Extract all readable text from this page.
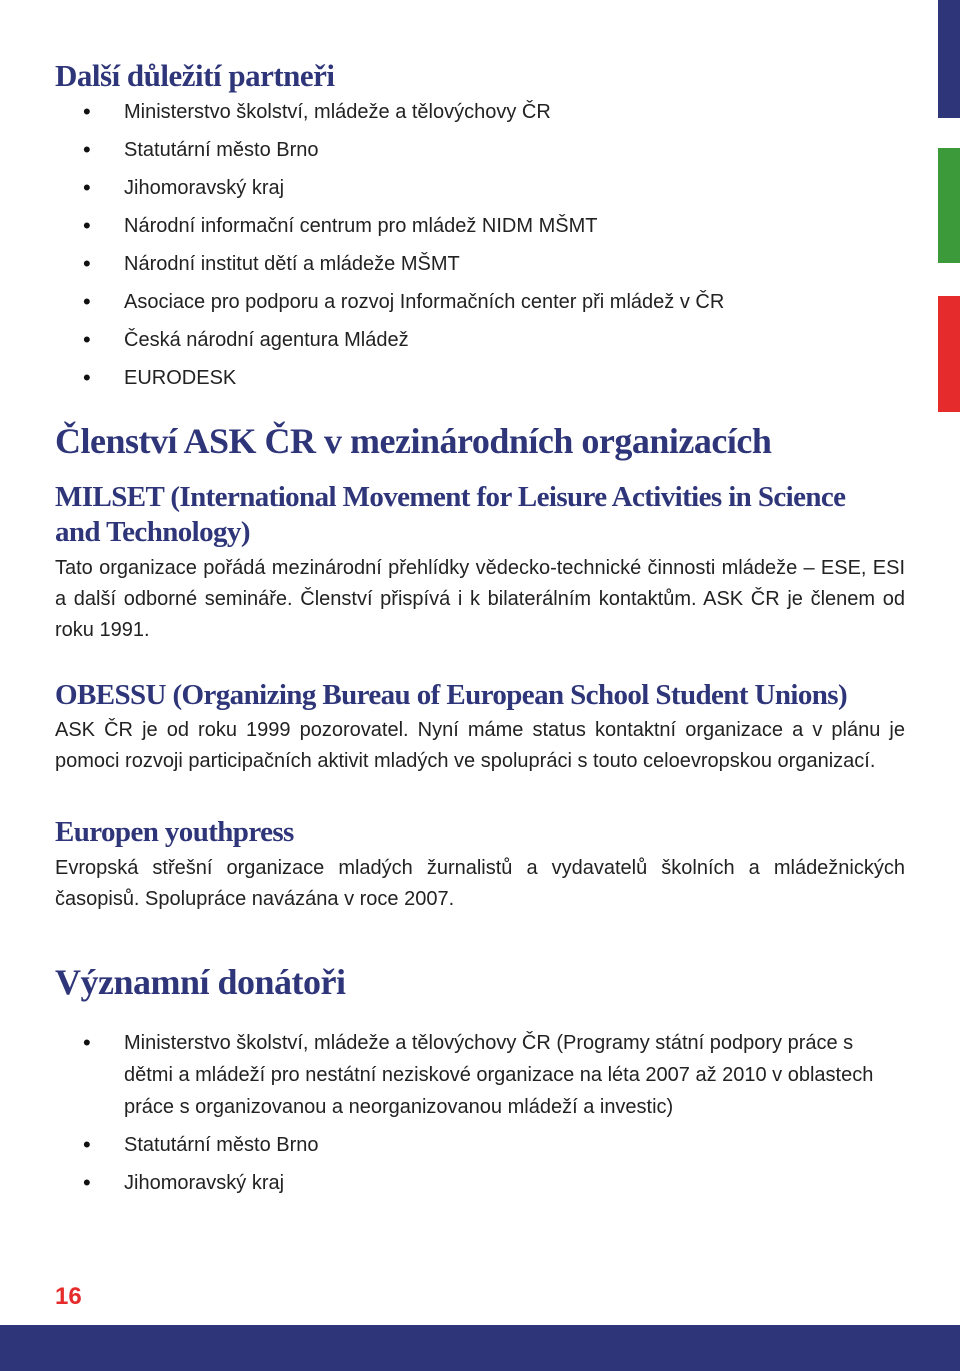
Další důležití partneři
• Ministerstvo školství, mládeže a tělovýchovy ČR
• Statutární město Brno
• Jihomoravský kraj
• Národní informační centrum pro mládež NIDM MŠMT
• Národní institut dětí a mládeže MŠMT
• Asociace pro podporu a rozvoj Informačních center při mládež v ČR
• Česká národní agentura Mládež
• EURODESK
Členství ASK ČR v mezinárodních organizacích
MILSET (International Movement for Leisure Activities in Science and Technology)

Tato organizace pořádá mezinárodní přehlídky vědecko-technické činnosti mládeže – ESE, ESI a další odborné semináře. Členství přispívá i k bilaterálním kontaktům. ASK ČR je členem od roku 1991.

OBESSU (Organizing Bureau of European School Student Unions)

ASK ČR je od roku 1999 pozorovatel. Nyní máme status kontaktní organizace a v plánu je pomoci rozvoji participačních aktivit mladých ve spolupráci s touto celoevropskou organizací.

Europen youthpress

Evropská střešní organizace mladých žurnalistů a vydavatelů školních a mládežnických časopisů. Spolupráce navázána v roce 2007.

Významní donátoři
• Ministerstvo školství, mládeže a tělovýchovy ČR (Programy státní podpory práce s dětmi a mládeží pro nestátní neziskové organizace na léta 2007 až 2010 v oblastech práce s organizovanou a neorganizovanou mládeží a investic)
• Statutární město Brno
• Jihomoravský kraj
16
